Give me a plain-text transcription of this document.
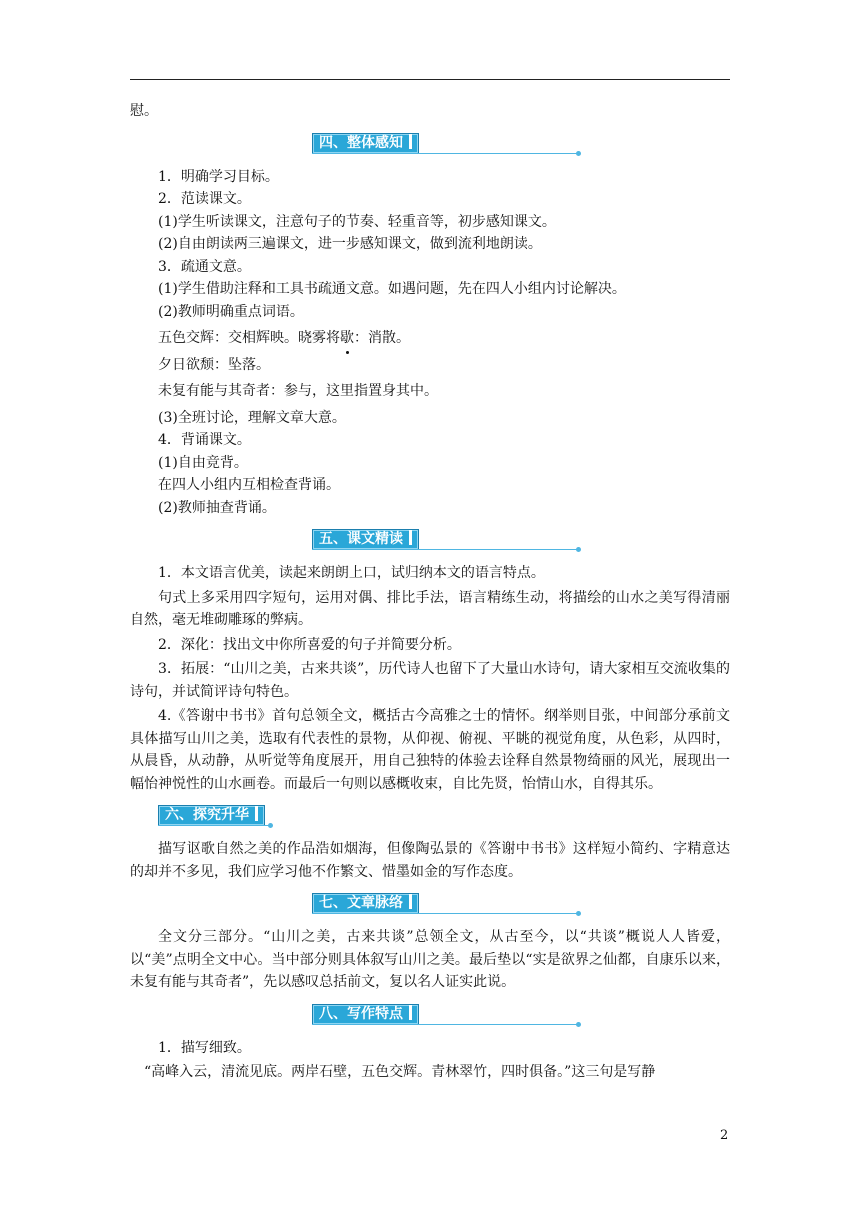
慰。

四、整体感知

1．明确学习目标。

2．范读课文。

(1)学生听读课文，注意句子的节奏、轻重音等，初步感知课文。

(2)自由朗读两三遍课文，进一步感知课文，做到流利地朗读。

3．疏通文意。

(1)学生借助注释和工具书疏通文意。如遇问题，先在四人小组内讨论解决。

(2)教师明确重点词语。

五色交辉：交相辉映。晓雾将歇：消散。

夕日欲颓：坠落。

未复有能与其奇者：参与，这里指置身其中。

(3)全班讨论，理解文章大意。

4．背诵课文。

(1)自由竞背。

在四人小组内互相检查背诵。

(2)教师抽查背诵。

五、课文精读

1．本文语言优美，读起来朗朗上口，试归纳本文的语言特点。

句式上多采用四字短句，运用对偶、排比手法，语言精练生动，将描绘的山水之美写得清丽自然，毫无堆砌雕琢的弊病。

2．深化：找出文中你所喜爱的句子并简要分析。

3．拓展：“山川之美，古来共谈”，历代诗人也留下了大量山水诗句，请大家相互交流收集的诗句，并试简评诗句特色。

4.《答谢中书书》首句总领全文，概括古今高雅之士的情怀。纲举则目张，中间部分承前文具体描写山川之美，选取有代表性的景物，从仰视、俯视、平眺的视觉角度，从色彩，从四时，从晨昏，从动静，从听觉等角度展开，用自己独特的体验去诠释自然景物绮丽的风光，展现出一幅怡神悦性的山水画卷。而最后一句则以感概收束，自比先贤，怡情山水，自得其乐。

六、探究升华

描写讴歌自然之美的作品浩如烟海，但像陶弘景的《答谢中书书》这样短小简约、字精意达的却并不多见，我们应学习他不作繁文、惜墨如金的写作态度。

七、文章脉络

全文分三部分。“山川之美，古来共谈”总领全文，从古至今，以“共谈”概说人人皆爱，以“美”点明全文中心。当中部分则具体叙写山川之美。最后垫以“实是欲界之仙都，自康乐以来，未复有能与其奇者”，先以感叹总括前文，复以名人证实此说。

八、写作特点

1．描写细致。

“高峰入云，清流见底。两岸石壁，五色交辉。青林翠竹，四时俱备。”这三句是写静

2
